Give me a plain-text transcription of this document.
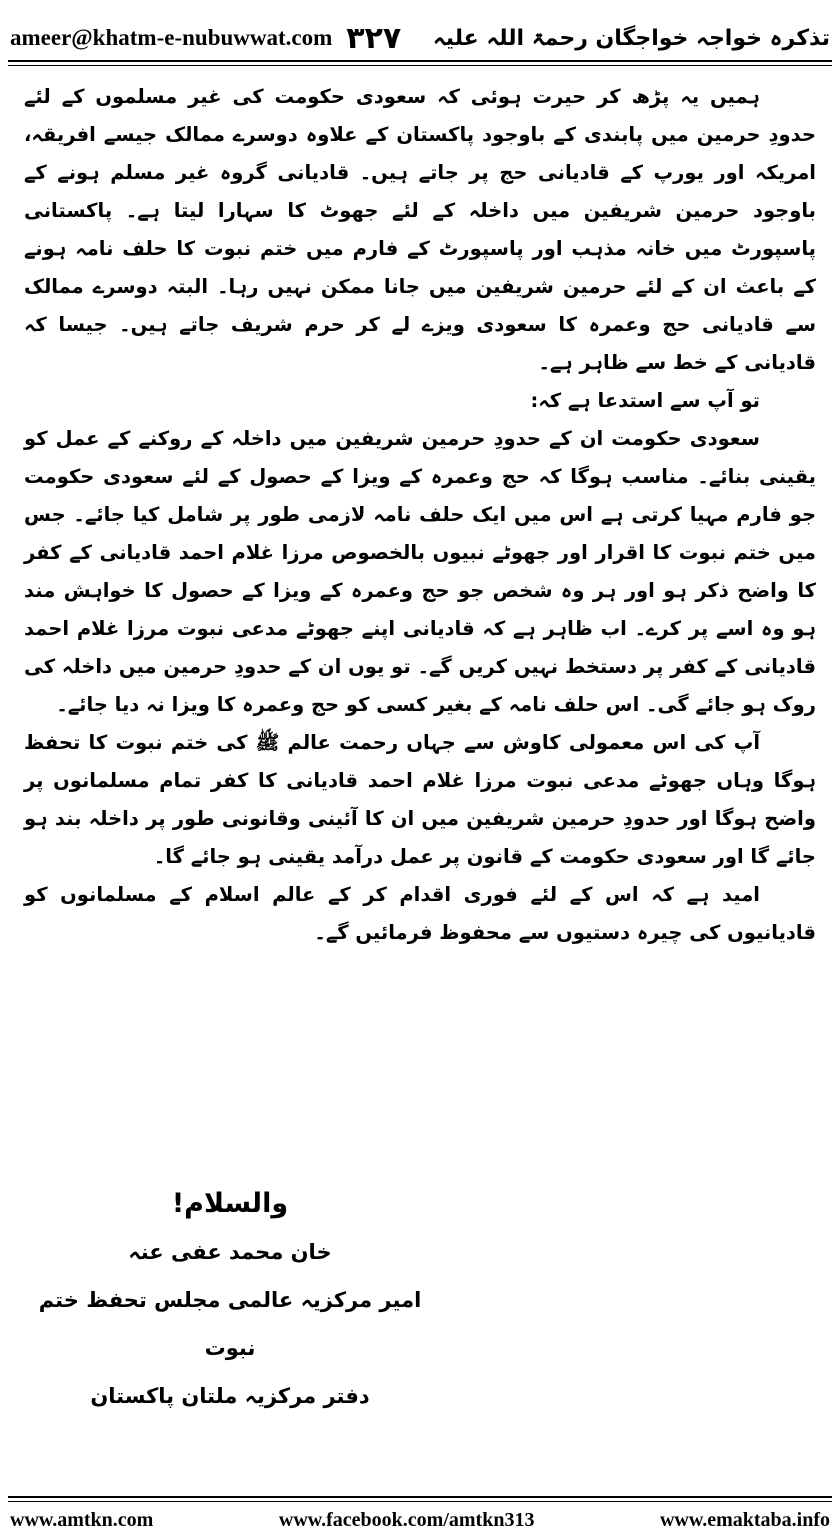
ameer@khatm-e-nubuwwat.com ۳۲۷ تذکرہ خواجہ خواجگان رحمۃ اللہ علیہ

ہمیں یہ پڑھ کر حیرت ہوئی کہ سعودی حکومت کی غیر مسلموں کے لئے حدودِ حرمین میں پابندی کے باوجود پاکستان کے علاوہ دوسرے ممالک جیسے افریقہ، امریکہ اور یورپ کے قادیانی حج پر جاتے ہیں۔ قادیانی گروہ غیر مسلم ہونے کے باوجود حرمین شریفین میں داخلہ کے لئے جھوٹ کا سہارا لیتا ہے۔ پاکستانی پاسپورٹ میں خانہ مذہب اور پاسپورٹ کے فارم میں ختم نبوت کا حلف نامہ ہونے کے باعث ان کے لئے حرمین شریفین میں جانا ممکن نہیں رہا۔ البتہ دوسرے ممالک سے قادیانی حج وعمرہ کا سعودی ویزے لے کر حرم شریف جاتے ہیں۔ جیسا کہ قادیانی کے خط سے ظاہر ہے۔

تو آپ سے استدعا ہے کہ:

سعودی حکومت ان کے حدودِ حرمین شریفین میں داخلہ کے روکنے کے عمل کو یقینی بنائے۔ مناسب ہوگا کہ حج وعمرہ کے ویزا کے حصول کے لئے سعودی حکومت جو فارم مہیا کرتی ہے اس میں ایک حلف نامہ لازمی طور پر شامل کیا جائے۔ جس میں ختم نبوت کا اقرار اور جھوٹے نبیوں بالخصوص مرزا غلام احمد قادیانی کے کفر کا واضح ذکر ہو اور ہر وہ شخص جو حج وعمرہ کے ویزا کے حصول کا خواہش مند ہو وہ اسے پر کرے۔ اب ظاہر ہے کہ قادیانی اپنے جھوٹے مدعی نبوت مرزا غلام احمد قادیانی کے کفر پر دستخط نہیں کریں گے۔ تو یوں ان کے حدودِ حرمین میں داخلہ کی روک ہو جائے گی۔ اس حلف نامہ کے بغیر کسی کو حج وعمرہ کا ویزا نہ دیا جائے۔

آپ کی اس معمولی کاوش سے جہاں رحمت عالم ﷺ کی ختم نبوت کا تحفظ ہوگا وہاں جھوٹے مدعی نبوت مرزا غلام احمد قادیانی کا کفر تمام مسلمانوں پر واضح ہوگا اور حدودِ حرمین شریفین میں ان کا آئینی وقانونی طور پر داخلہ بند ہو جائے گا اور سعودی حکومت کے قانون پر عمل درآمد یقینی ہو جائے گا۔

امید ہے کہ اس کے لئے فوری اقدام کر کے عالم اسلام کے مسلمانوں کو قادیانیوں کی چیرہ دستیوں سے محفوظ فرمائیں گے۔

والسلام!
خان محمد عفی عنہ
امیر مرکزیہ عالمی مجلس تحفظ ختم نبوت
دفتر مرکزیہ ملتان پاکستان
www.amtkn.com	www.facebook.com/amtkn313	www.emaktaba.info
